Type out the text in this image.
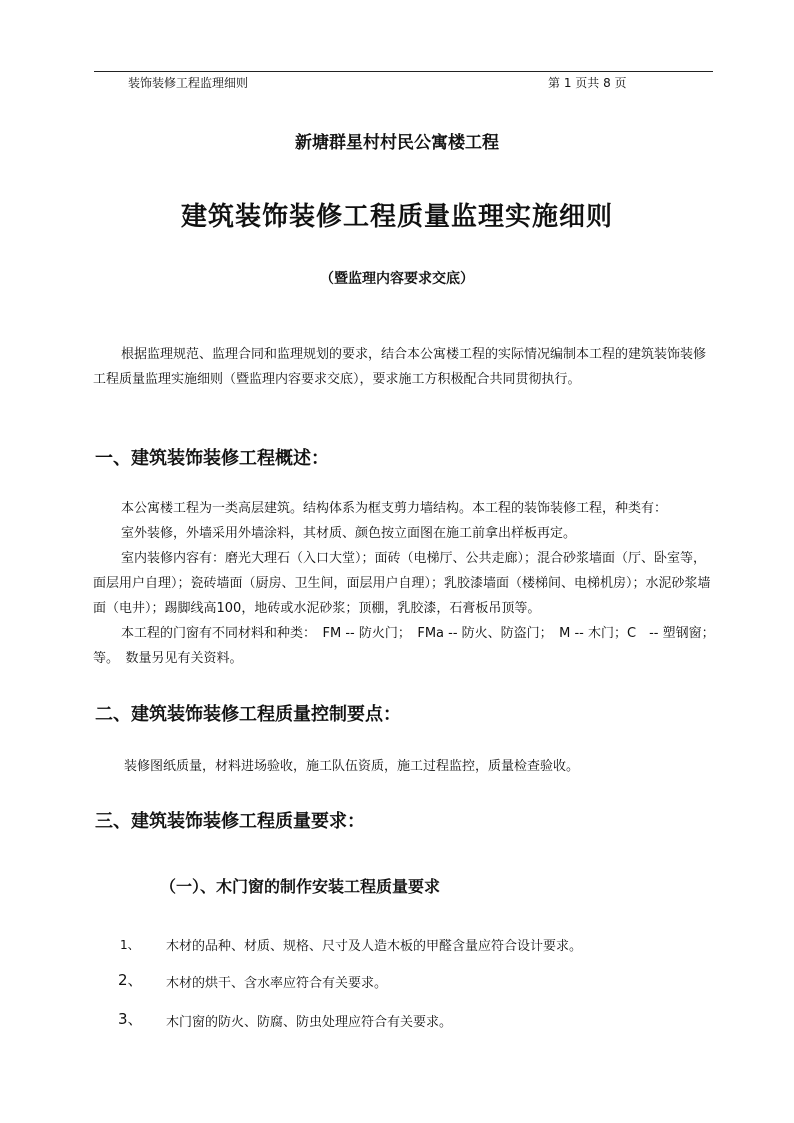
装饰装修工程监理细则	第 1 页共 8 页
新塘群星村村民公寓楼工程
建筑装饰装修工程质量监理实施细则
（暨监理内容要求交底）
根据监理规范、监理合同和监理规划的要求，结合本公寓楼工程的实际情况编制本工程的建筑装饰装修工程质量监理实施细则（暨监理内容要求交底），要求施工方积极配合共同贯彻执行。
一、建筑装饰装修工程概述：

本公寓楼工程为一类高层建筑。结构体系为框支剪力墙结构。本工程的装饰装修工程，种类有：

室外装修，外墙采用外墙涂料，其材质、颜色按立面图在施工前拿出样板再定。

室内装修内容有：磨光大理石（入口大堂）；面砖（电梯厅、公共走廊）；混合砂浆墙面（厅、卧室等，面层用户自理）；瓷砖墙面（厨房、卫生间，面层用户自理）；乳胶漆墙面（楼梯间、电梯机房）；水泥砂浆墙面（电井）；踢脚线高100，地砖或水泥砂浆；顶棚，乳胶漆，石膏板吊顶等。

本工程的门窗有不同材料和种类：　FM -- 防火门；　FMa -- 防火、防盗门；　M -- 木门；C　-- 塑钢窗；等。　数量另见有关资料。

二、建筑装饰装修工程质量控制要点：
装修图纸质量，材料进场验收，施工队伍资质，施工过程监控，质量检查验收。
三、建筑装饰装修工程质量要求：
（一）、木门窗的制作安装工程质量要求
1、 木材的品种、材质、规格、尺寸及人造木板的甲醛含量应符合设计要求。
2、 木材的烘干、含水率应符合有关要求。
3、 木门窗的防火、防腐、防虫处理应符合有关要求。
